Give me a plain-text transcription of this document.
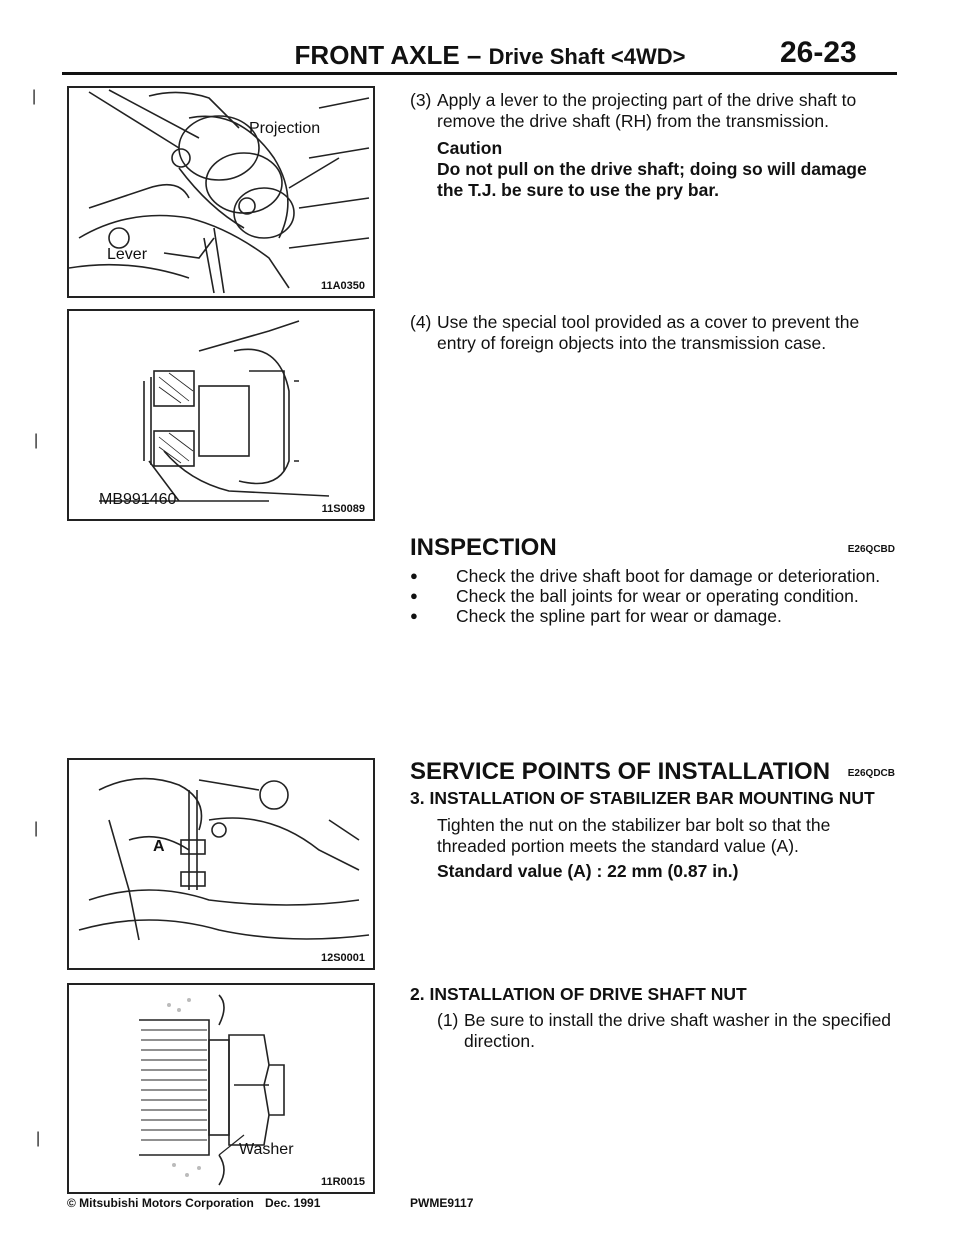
|
|
|
|
FRONT AXLE – Drive Shaft <4WD>	26-23
Projection
Lever
11A0350
MB991460
11S0089
A
12S0001
Washer
11R0015
(3) Apply a lever to the projecting part of the drive shaft to remove the drive shaft (RH) from the transmission.
Caution
Do not pull on the drive shaft; doing so will damage the T.J. be sure to use the pry bar.
(4) Use the special tool provided as a cover to prevent the entry of foreign objects into the transmission case.
INSPECTION	E26QCBD
● Check the drive shaft boot for damage or deterioration.
● Check the ball joints for wear or operating condition.
● Check the spline part for wear or damage.
SERVICE POINTS OF INSTALLATION E26QDCB
3. INSTALLATION OF STABILIZER BAR MOUNTING NUT
Tighten the nut on the stabilizer bar bolt so that the threaded portion meets the standard value (A).
Standard value (A) : 22 mm (0.87 in.)
2. INSTALLATION OF DRIVE SHAFT NUT
(1) Be sure to install the drive shaft washer in the specified direction.
© Mitsubishi Motors Corporation Dec. 1991	PWME9117
